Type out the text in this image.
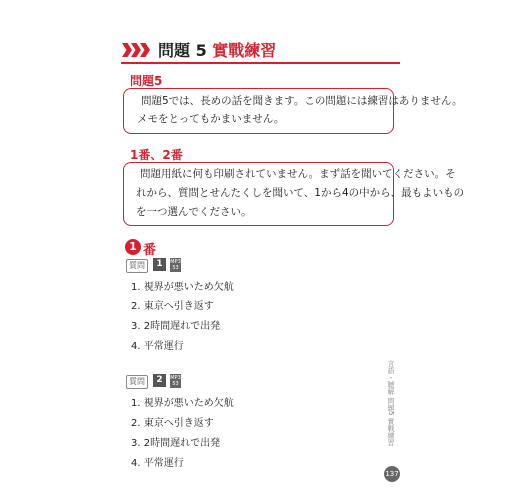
問題 5 實戰練習
問題5
問題5では、長めの話を聞きます。この問題には練習はありません。
メモをとってもかまいません。
1番、2番
問題用紙に何も印刷されていません。まず話を聞いてください。そ
れから、質問とせんたくしを聞いて、1から4の中から、最もよいもの
を一つ選んでください。
1 番
質問	1	MP3 53
1. 視界が悪いため欠航
2. 東京へ引き返す
3. 2時間遅れで出発
4. 平常運行
質問	2	MP3 53
1. 視界が悪いため欠航
2. 東京へ引き返す
3. 2時間遅れで出発
4. 平常運行
言語・聴解 問題5 實戰練習
137
